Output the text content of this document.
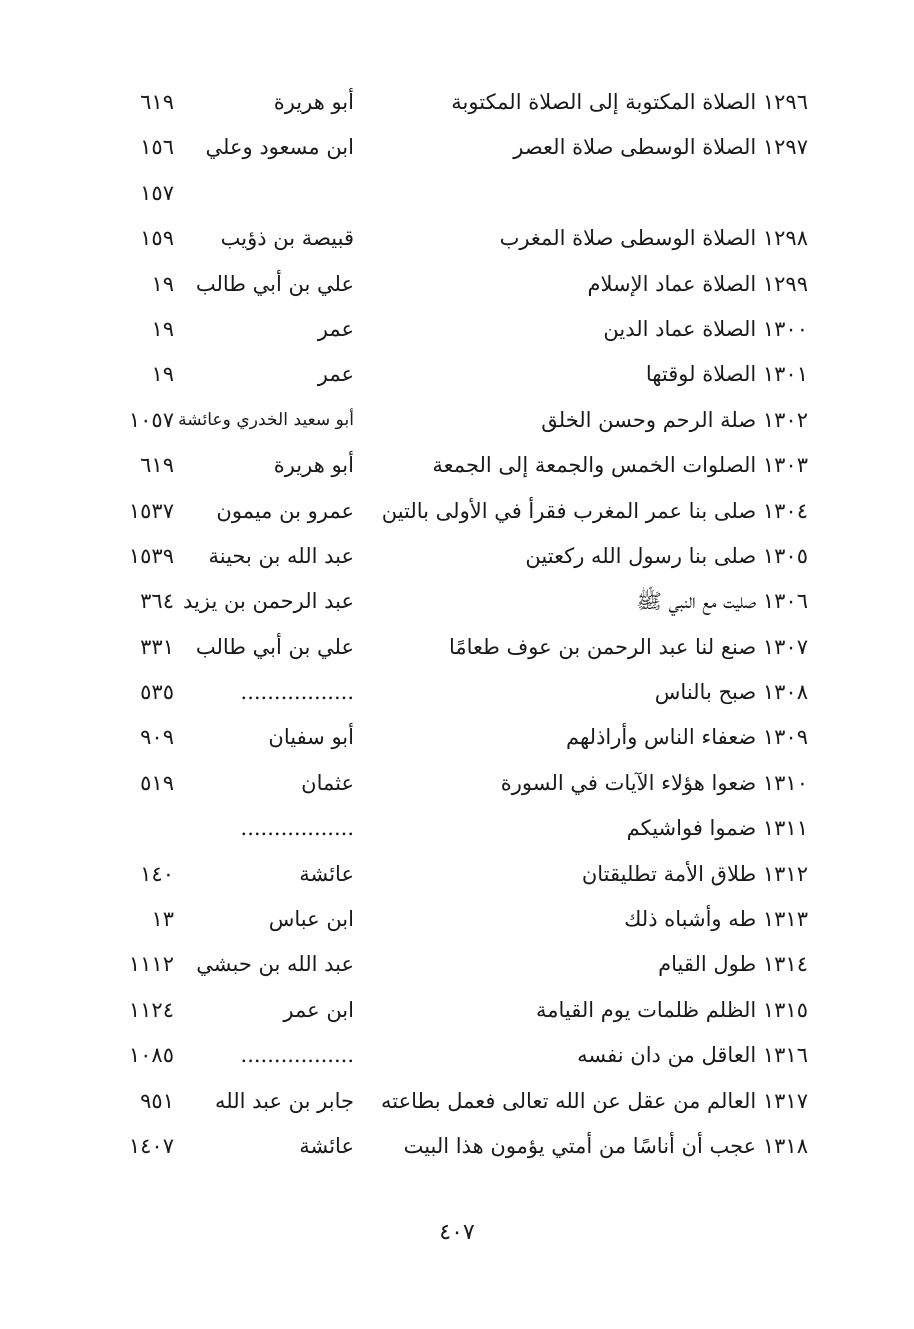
١٢٩٦ الصلاة المكتوبة إلى الصلاة المكتوبة
أبو هريرة
٦١٩
١٢٩٧ الصلاة الوسطى صلاة العصر
ابن مسعود وعلي
١٥٦
١٥٧
١٢٩٨ الصلاة الوسطى صلاة المغرب
قبيصة بن ذؤيب
١٥٩
١٢٩٩ الصلاة عماد الإسلام
علي بن أبي طالب
١٩
١٣٠٠ الصلاة عماد الدين
عمر
١٩
١٣٠١ الصلاة لوقتها
عمر
١٩
١٣٠٢ صلة الرحم وحسن الخلق
أبو سعيد الخدري وعائشة
١٠٥٧
١٣٠٣ الصلوات الخمس والجمعة إلى الجمعة
أبو هريرة
٦١٩
١٣٠٤ صلى بنا عمر المغرب فقرأ في الأولى بالتين
عمرو بن ميمون
١٥٣٧
١٣٠٥ صلى بنا رسول الله ركعتين
عبد الله بن بحينة
١٥٣٩
١٣٠٦ صليت مع النبي ﷺ
عبد الرحمن بن يزيد
٣٦٤
١٣٠٧ صنع لنا عبد الرحمن بن عوف طعامًا
علي بن أبي طالب
٣٣١
١٣٠٨ صبح بالناس
.................
٥٣٥
١٣٠٩ ضعفاء الناس وأراذلهم
أبو سفيان
٩٠٩
١٣١٠ ضعوا هؤلاء الآيات في السورة
عثمان
٥١٩
١٣١١ ضموا فواشيكم
.................
١٣١٢ طلاق الأمة تطليقتان
عائشة
١٤٠
١٣١٣ طه وأشباه ذلك
ابن عباس
١٣
١٣١٤ طول القيام
عبد الله بن حبشي
١١١٢
١٣١٥ الظلم ظلمات يوم القيامة
ابن عمر
١١٢٤
١٣١٦ العاقل من دان نفسه
.................
١٠٨٥
١٣١٧ العالم من عقل عن الله تعالى فعمل بطاعته
جابر بن عبد الله
٩٥١
١٣١٨ عجب أن أناسًا من أمتي يؤمون هذا البيت
عائشة
١٤٠٧
٤٠٧
